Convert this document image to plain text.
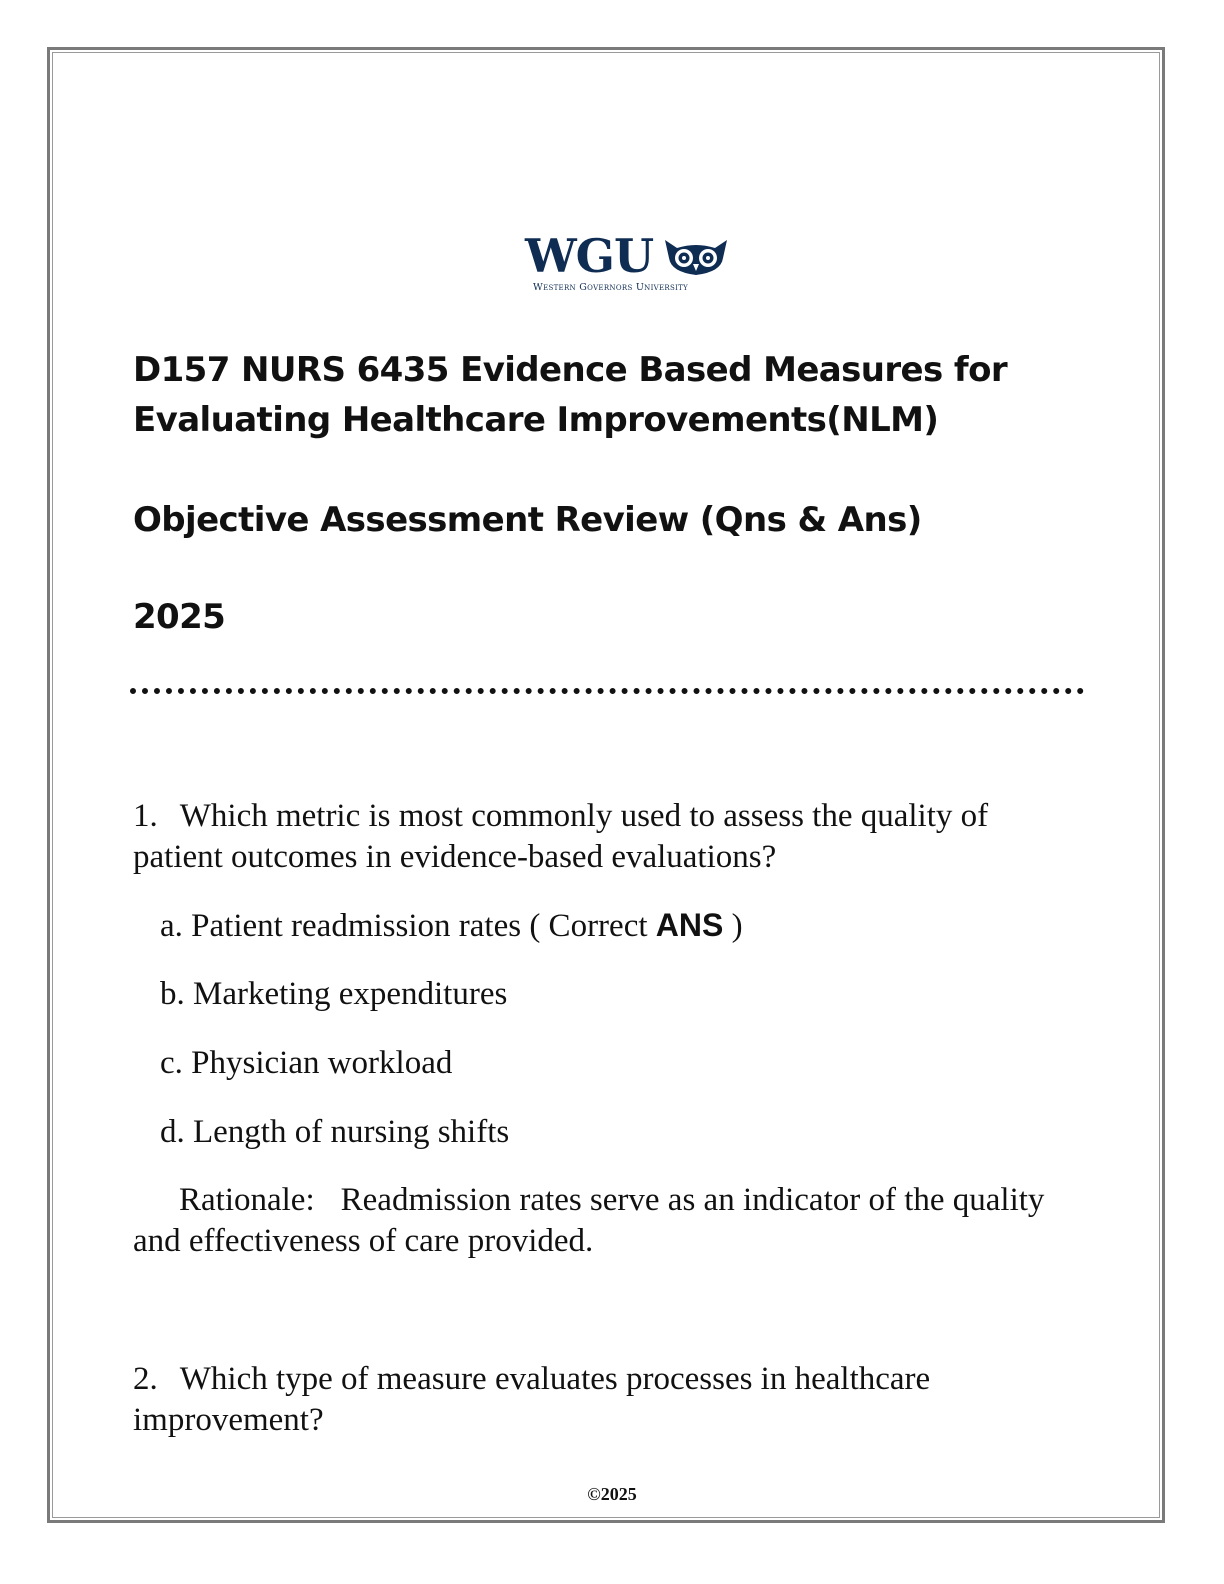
WGU
Western Governors University
D157 NURS 6435 Evidence Based Measures for Evaluating Healthcare Improvements(NLM)
Objective Assessment Review (Qns & Ans)
2025

1. Which metric is most commonly used to assess the quality of patient outcomes in evidence-based evaluations?

a. Patient readmission rates ( Correct ANS )

b. Marketing expenditures

c. Physician workload

d. Length of nursing shifts

Rationale: Readmission rates serve as an indicator of the quality and effectiveness of care provided.

2. Which type of measure evaluates processes in healthcare improvement?

©2025
